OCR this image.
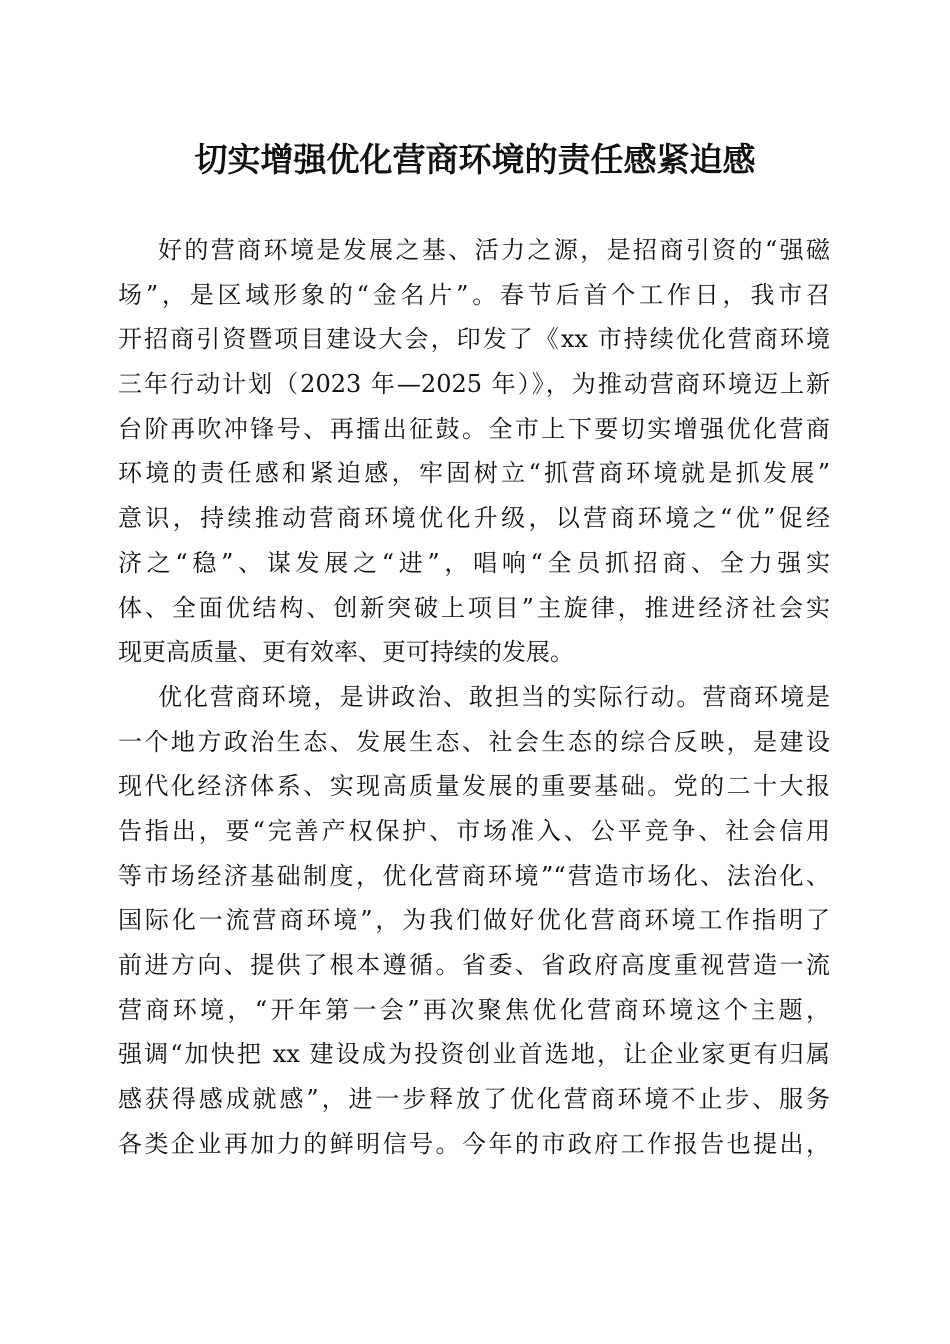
切实增强优化营商环境的责任感紧迫感
好的营商环境是发展之基、活力之源，是招商引资的“强磁
场”，是区域形象的“金名片”。春节后首个工作日，我市召
开招商引资暨项目建设大会，印发了《xx 市持续优化营商环境
三年行动计划（2023 年—2025 年）》，为推动营商环境迈上新
台阶再吹冲锋号、再擂出征鼓。全市上下要切实增强优化营商
环境的责任感和紧迫感，牢固树立“抓营商环境就是抓发展”
意识，持续推动营商环境优化升级，以营商环境之“优”促经
济之“稳”、谋发展之“进”，唱响“全员抓招商、全力强实
体、全面优结构、创新突破上项目”主旋律，推进经济社会实
现更高质量、更有效率、更可持续的发展。
优化营商环境，是讲政治、敢担当的实际行动。营商环境是
一个地方政治生态、发展生态、社会生态的综合反映，是建设
现代化经济体系、实现高质量发展的重要基础。党的二十大报
告指出，要“完善产权保护、市场准入、公平竞争、社会信用
等市场经济基础制度，优化营商环境”“营造市场化、法治化、
国际化一流营商环境”，为我们做好优化营商环境工作指明了
前进方向、提供了根本遵循。省委、省政府高度重视营造一流
营商环境，“开年第一会”再次聚焦优化营商环境这个主题，
强调“加快把 xx 建设成为投资创业首选地，让企业家更有归属
感获得感成就感”，进一步释放了优化营商环境不止步、服务
各类企业再加力的鲜明信号。今年的市政府工作报告也提出，
